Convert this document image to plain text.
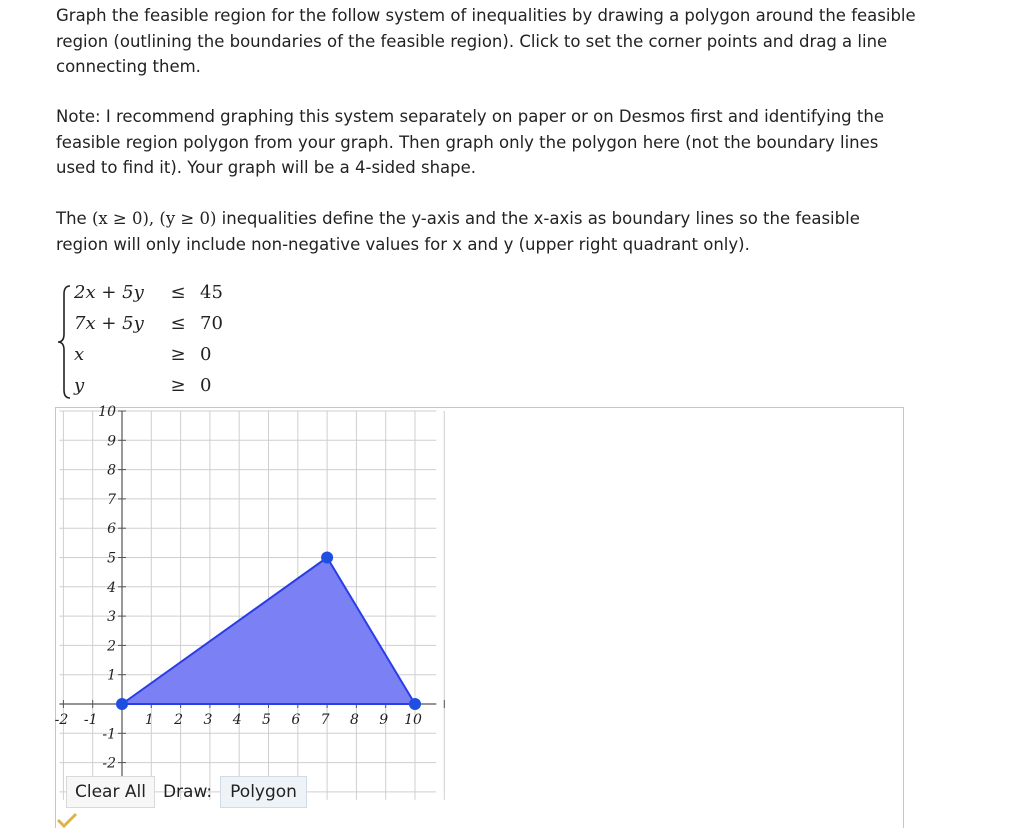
Graph the feasible region for the follow system of inequalities by drawing a polygon around the feasible region (outlining the boundaries of the feasible region). Click to set the corner points and drag a line connecting them.

Note: I recommend graphing this system separately on paper or on Desmos first and identifying the feasible region polygon from your graph. Then graph only the polygon here (not the boundary lines used to find it). Your graph will be a 4-sided shape.

The (x ≥ 0), (y ≥ 0) inequalities define the y-axis and the x-axis as boundary lines so the feasible region will only include non-negative values for x and y (upper right quadrant only).

2x + 5y	≤ 45
7x + 5y	≤ 70
x	≥ 0
y	≥ 0
-2 -1	1 2 3 4 5 6 7 8 9 10
10
9
8
7
6
5
4
3
2
1
-1
-2
Clear All	Draw:	Polygon
